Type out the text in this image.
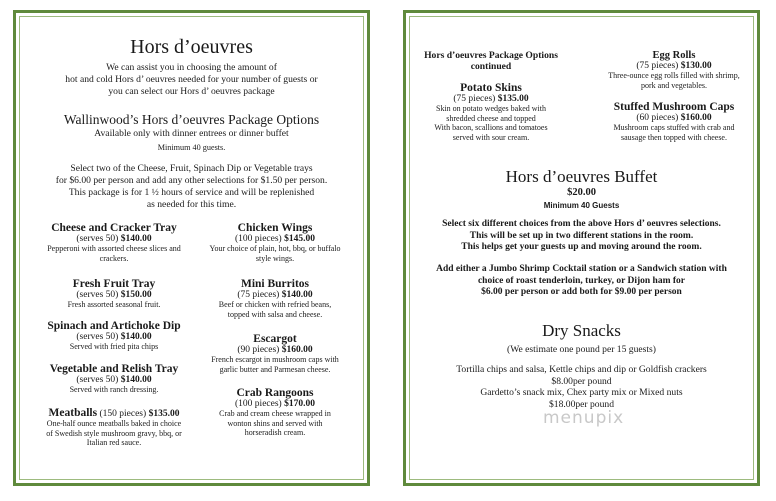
Hors d’oeuvres
We can assist you in choosing the amount of
hot and cold Hors d’ oeuvres needed for your number of guests or
you can select our Hors d’ oeuvres package
Wallinwood’s Hors d’oeuvres Package Options
Available only with dinner entrees or dinner buffet
Minimum 40 guests.
Select two of the Cheese, Fruit, Spinach Dip or Vegetable trays
for $6.00 per person and add any other selections for $1.50 per person.
This package is for 1 ½ hours of service and will be replenished
as needed for this time.
Cheese and Cracker Tray
(serves 50) $140.00
Pepperoni with assorted cheese slices and
crackers.
Fresh Fruit Tray
(serves 50) $150.00
Fresh assorted seasonal fruit.
Spinach and Artichoke Dip
(serves 50) $140.00
Served with fried pita chips
Vegetable and Relish Tray
(serves 50) $140.00
Served with ranch dressing.
Meatballs (150 pieces) $135.00
One-half ounce meatballs baked in choice
of Swedish style mushroom gravy, bbq, or
Italian red sauce.
Chicken Wings
(100 pieces) $145.00
Your choice of plain, hot, bbq, or buffalo
style wings.
Mini Burritos
(75 pieces) $140.00
Beef or chicken with refried beans,
topped with salsa and cheese.
Escargot
(90 pieces) $160.00
French escargot in mushroom caps with
garlic butter and Parmesan cheese.
Crab Rangoons
(100 pieces) $170.00
Crab and cream cheese wrapped in
wonton shins and served with
horseradish cream.
Hors d’oeuvres Package Options
continued
Potato Skins
(75 pieces) $135.00
Skin on potato wedges baked with
shredded cheese and topped
With bacon, scallions and tomatoes
served with sour cream.
Egg Rolls
(75 pieces) $130.00
Three-ounce egg rolls filled with shrimp,
pork and vegetables.
Stuffed Mushroom Caps
(60 pieces) $160.00
Mushroom caps stuffed with crab and
sausage then topped with cheese.
Hors d’oeuvres Buffet
$20.00
Minimum 40 Guests
Select six different choices from the above Hors d’ oeuvres selections.
This will be set up in two different stations in the room.
This helps get your guests up and moving around the room.
Add either a Jumbo Shrimp Cocktail station or a Sandwich station with
choice of roast tenderloin, turkey, or Dijon ham for
$6.00 per person or add both for $9.00 per person
Dry Snacks
(We estimate one pound per 15 guests)
Tortilla chips and salsa, Kettle chips and dip or Goldfish crackers
$8.00per pound
Gardetto’s snack mix, Chex party mix or Mixed nuts
$18.00per pound
menupix
